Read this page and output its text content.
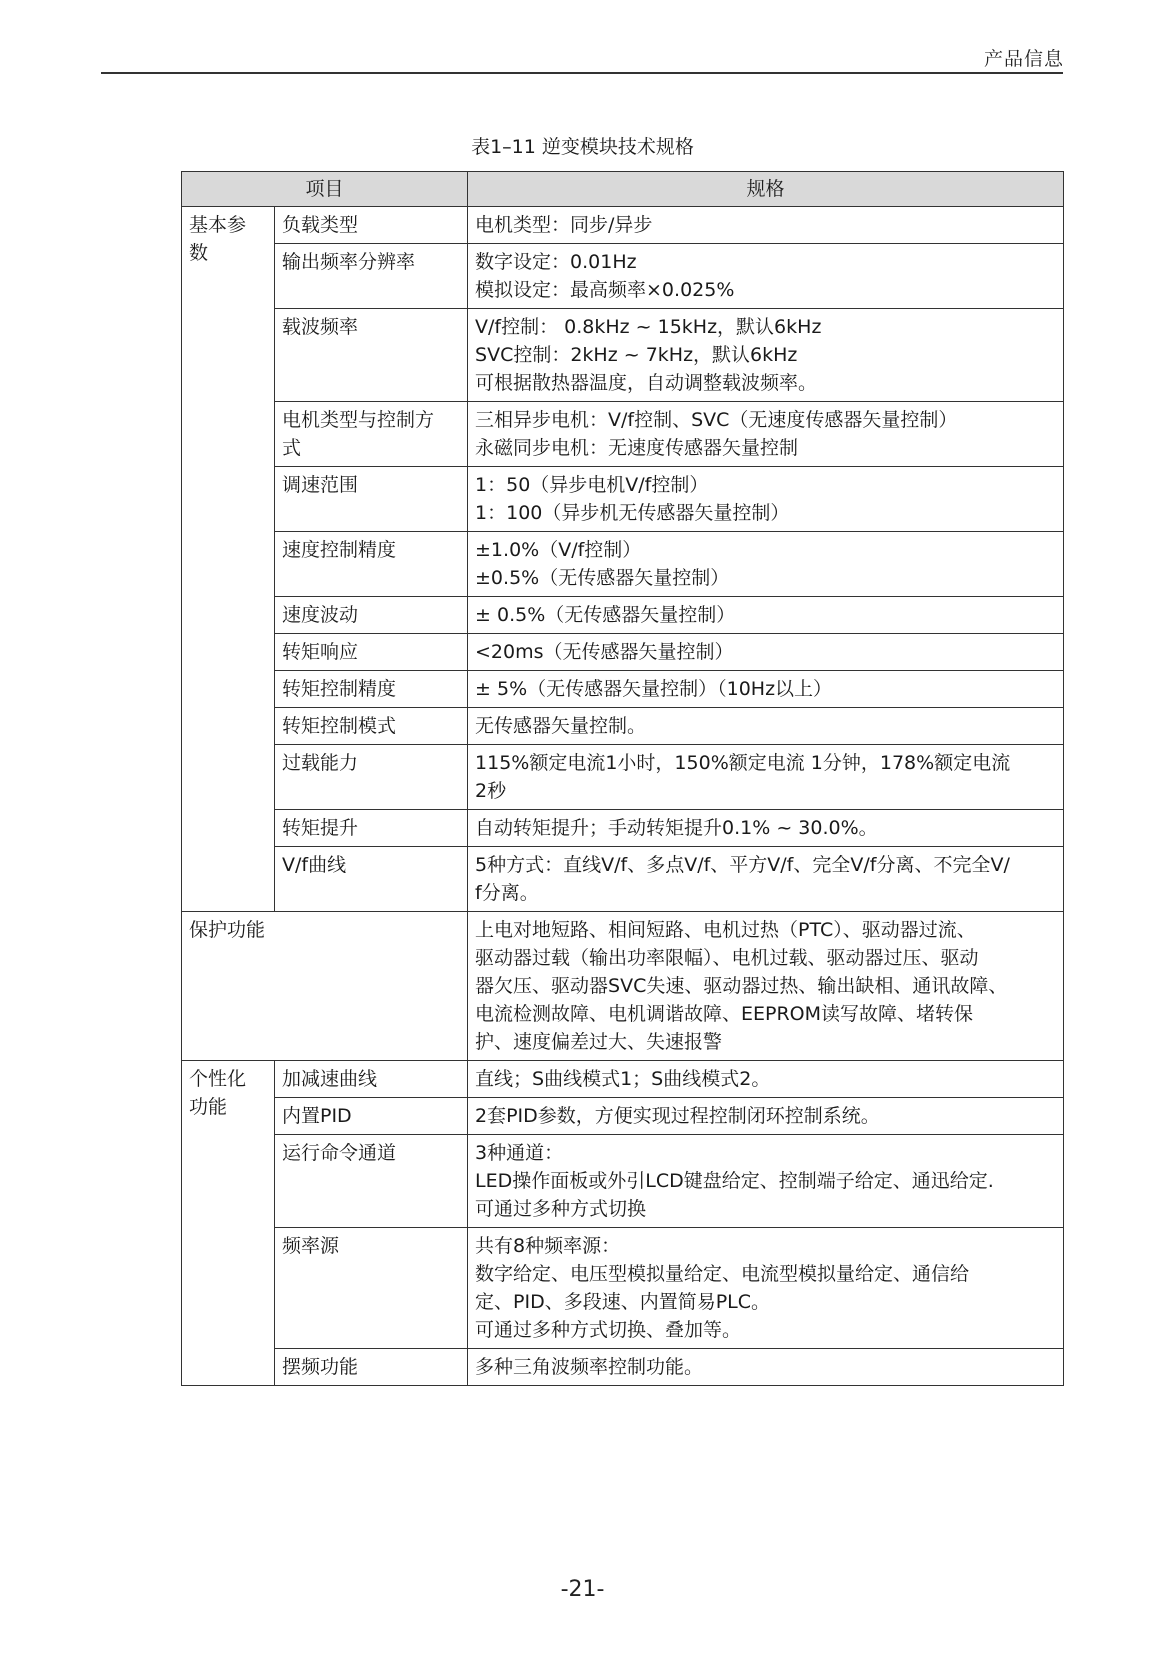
产品信息
表1–11 逆变模块技术规格
项目		规格

基本参
数	负载类型	电机类型：同步/异步

	输出频率分辨率	数字设定：0.01Hz
模拟设定：最高频率×0.025%

	载波频率	V/f控制： 0.8kHz ~ 15kHz，默认6kHz
SVC控制：2kHz ~ 7kHz，默认6kHz
可根据散热器温度，自动调整载波频率。

	电机类型与控制方
式	三相异步电机：V/f控制、SVC（无速度传感器矢量控制）
永磁同步电机：无速度传感器矢量控制

	调速范围	1：50（异步电机V/f控制）
1：100（异步机无传感器矢量控制）

	速度控制精度	±1.0%（V/f控制）
±0.5%（无传感器矢量控制）

	速度波动	± 0.5%（无传感器矢量控制）

	转矩响应	<20ms（无传感器矢量控制）

	转矩控制精度	± 5%（无传感器矢量控制）（10Hz以上）

	转矩控制模式	无传感器矢量控制。

	过载能力	115%额定电流1小时，150%额定电流 1分钟，178%额定电流
2秒

	转矩提升	自动转矩提升；手动转矩提升0.1% ~ 30.0%。

	V/f曲线	5种方式：直线V/f、多点V/f、平方V/f、完全V/f分离、不完全V/
f分离。

保护功能		上电对地短路、相间短路、电机过热（PTC）、驱动器过流、
驱动器过载（输出功率限幅）、电机过载、驱动器过压、驱动
器欠压、驱动器SVC失速、驱动器过热、输出缺相、通讯故障、
电流检测故障、电机调谐故障、EEPROM读写故障、堵转保
护、速度偏差过大、失速报警

个性化
功能	加减速曲线	直线；S曲线模式1；S曲线模式2。

	内置PID	2套PID参数，方便实现过程控制闭环控制系统。

	运行命令通道	3种通道：
LED操作面板或外引LCD键盘给定、控制端子给定、通迅给定.
可通过多种方式切换

	频率源	共有8种频率源：
数字给定、电压型模拟量给定、电流型模拟量给定、通信给
定、PID、多段速、内置简易PLC。
可通过多种方式切换、叠加等。

	摆频功能	多种三角波频率控制功能。
-21-
